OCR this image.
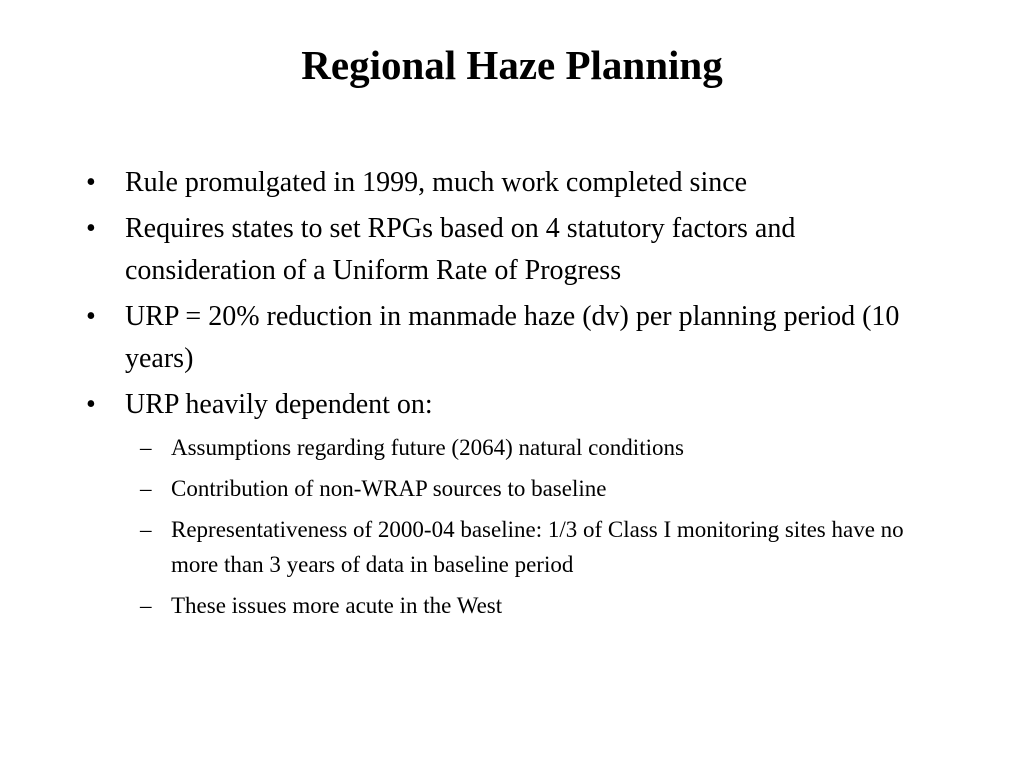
Regional Haze Planning
• Rule promulgated in 1999, much work completed since
• Requires states to set RPGs based on 4 statutory factors and consideration of a Uniform Rate of Progress
• URP = 20% reduction in manmade haze (dv) per planning period (10 years)
• URP heavily dependent on:
– Assumptions regarding future (2064) natural conditions
– Contribution of non-WRAP sources to baseline
– Representativeness of 2000-04 baseline: 1/3 of Class I monitoring sites have no more than 3 years of data in baseline period
– These issues more acute in the West
